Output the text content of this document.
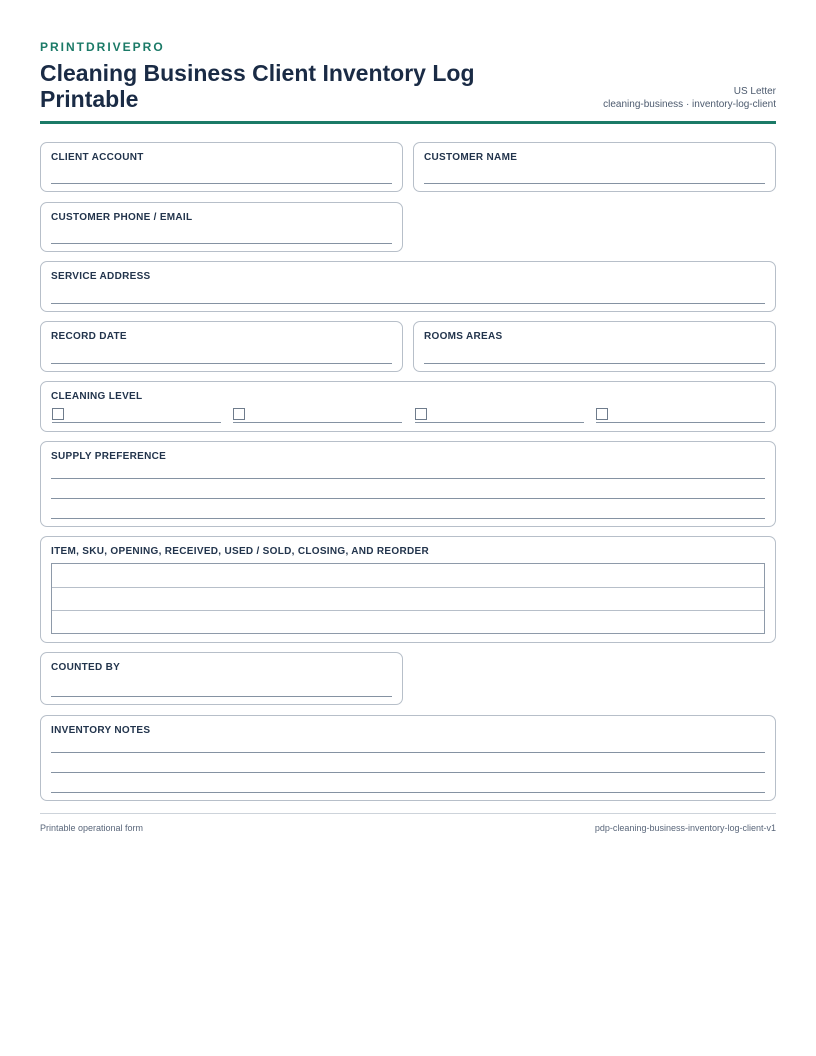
PRINTDRIVEPRO
Cleaning Business Client Inventory Log Printable	US Letter
cleaning-business · inventory-log-client
CLIENT ACCOUNT	CUSTOMER NAME
CUSTOMER PHONE / EMAIL
SERVICE ADDRESS
RECORD DATE	ROOMS AREAS
CLEANING LEVEL
SUPPLY PREFERENCE
ITEM, SKU, OPENING, RECEIVED, USED / SOLD, CLOSING, AND REORDER
COUNTED BY
INVENTORY NOTES
Printable operational form	pdp-cleaning-business-inventory-log-client-v1
